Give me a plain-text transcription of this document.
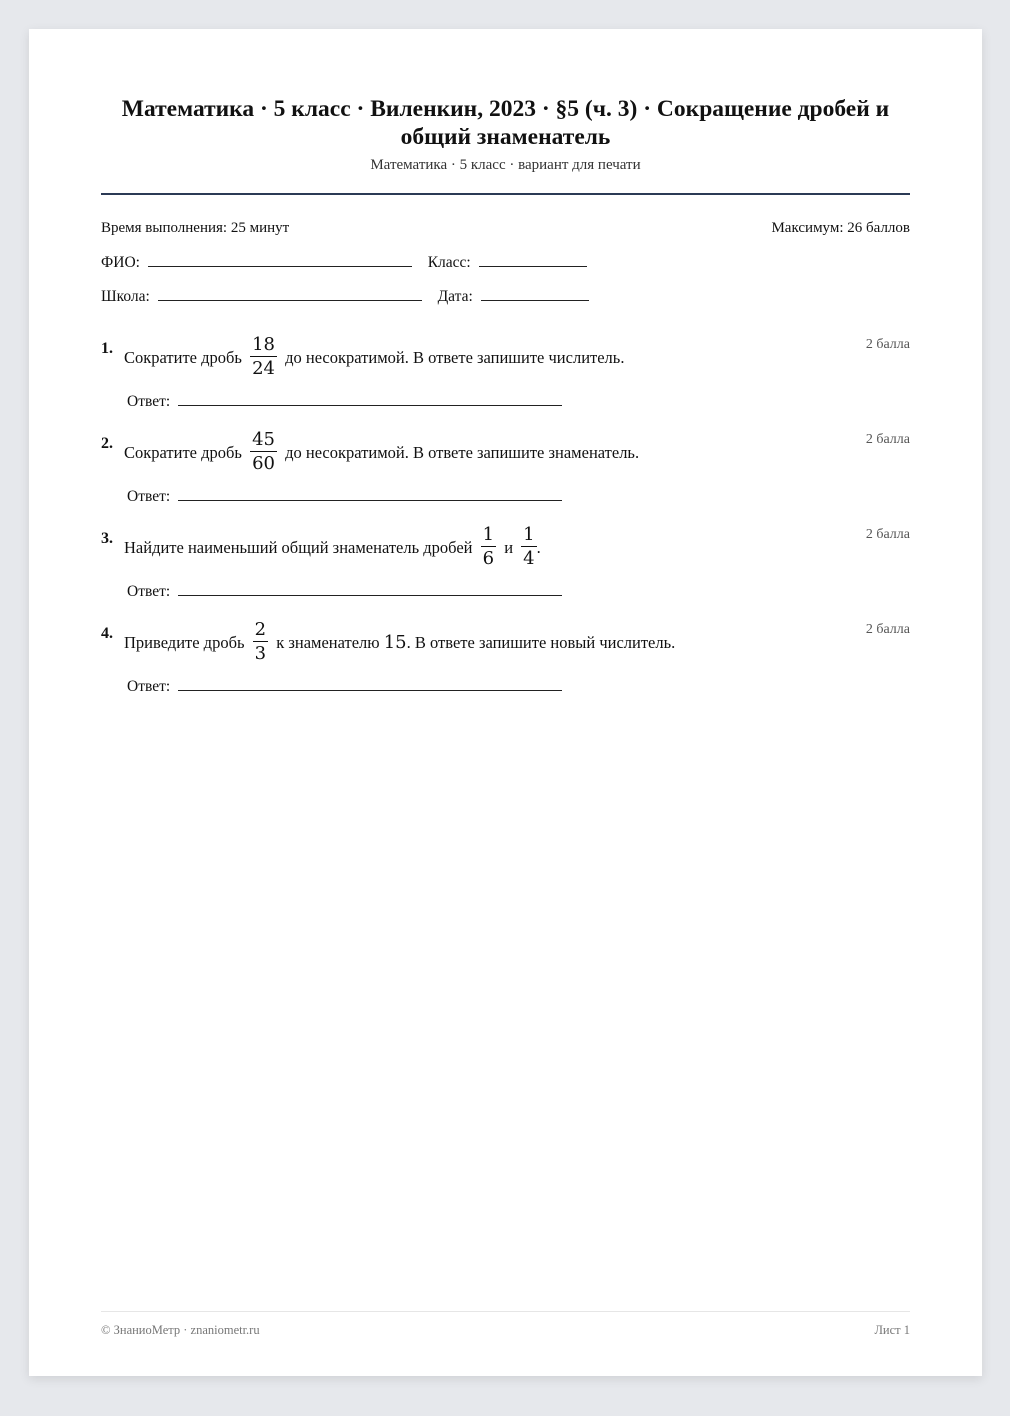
Математика · 5 класс · Виленкин, 2023 · §5 (ч. 3) · Сокращение дробей и общий знаменатель
Математика · 5 класс · вариант для печати
Время выполнения: 25 минут	Максимум: 26 баллов
ФИО:	Класс:
Школа:	Дата:
1. Сократите дробь $\frac{18}{24}$ до несократимой. В ответе запишите числитель.
2 балла
Ответ:
2. Сократите дробь $\frac{45}{60}$ до несократимой. В ответе запишите знаменатель.
2 балла
Ответ:
3. Найдите наименьший общий знаменатель дробей $\frac{1}{6}$ и $\frac{1}{4}$ .
2 балла
Ответ:
4. Приведите дробь $\frac{2}{3}$ к знаменателю 15. В ответе запишите новый числитель.
2 балла
Ответ:
© ЗнаниоМетр · znaniometr.ru	Лист 1
